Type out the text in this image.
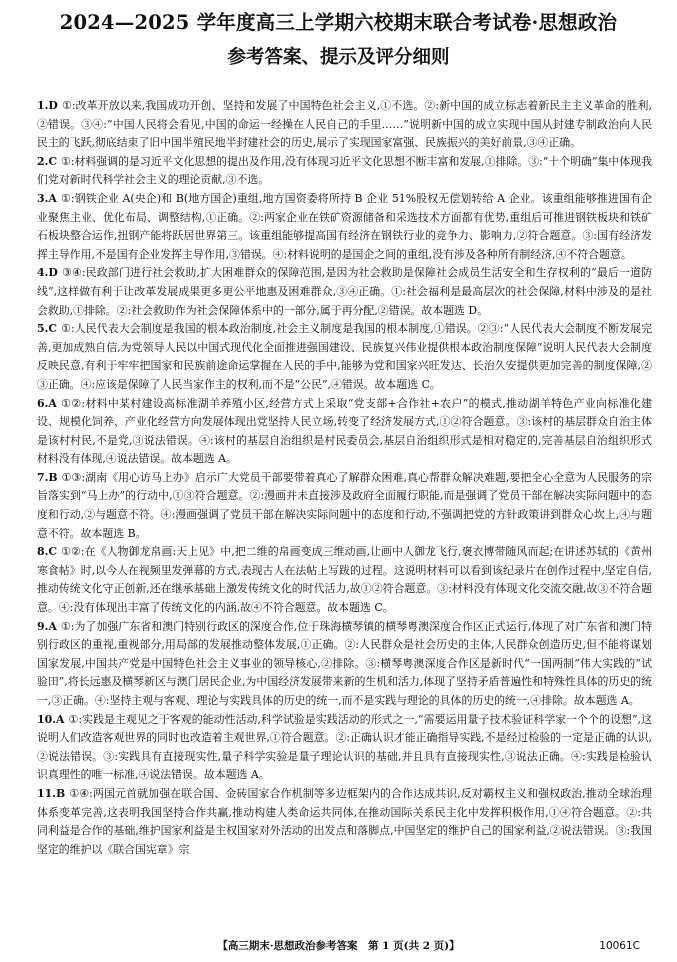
2024—2025 学年度高三上学期六校期末联合考试卷·思想政治
参考答案、提示及评分细则

1.D ①:改革开放以来,我国成功开创、坚持和发展了中国特色社会主义,①不选。②:新中国的成立标志着新民主主义革命的胜利,②错误。③④:“中国人民将会看见,中国的命运一经操在人民自己的手里……”说明新中国的成立实现中国从封建专制政治向人民民主的飞跃,彻底结束了旧中国半殖民地半封建社会的历史,展示了实现国家富强、民族振兴的美好前景,③④正确。

2.C ①:材料强调的是习近平文化思想的提出及作用,没有体现习近平文化思想不断丰富和发展,①排除。③:“十个明确”集中体现我们党对新时代科学社会主义的理论贡献,③不选。

3.A ①:钢铁企业 A(央企)和 B(地方国企)重组,地方国资委将所持 B 企业 51%股权无偿划转给 A 企业。该重组能够推进国有企业聚焦主业、优化布局、调整结构,①正确。②:两家企业在铁矿资源储备和采选技术方面都有优势,重组后可推进钢铁板块和铁矿石板块整合运作,扭钢产能将跃居世界第三。该重组能够提高国有经济在钢铁行业的竞争力、影响力,②符合题意。③:国有经济发挥主导作用,不是国有企业发挥主导作用,③错误。④:材料说明的是国企之间的重组,没有涉及各种所有制经济,④不符合题意。

4.D ③④:民政部门进行社会救助,扩大困难群众的保障范围,是因为社会救助是保障社会成员生活安全和生存权利的“最后一道防线”,这样做有利于让改革发展成果更多更公平地惠及困难群众,③④正确。①:社会福利是最高层次的社会保障,材料中涉及的是社会救助,①排除。②:社会救助作为社会保障体系中的一部分,属于再分配,②错误。故本题选 D。

5.C ①:人民代表大会制度是我国的根本政治制度,社会主义制度是我国的根本制度,①错误。②③:“人民代表大会制度不断发展完善,更加成熟自信,为党领导人民以中国式现代化全面推进强国建设、民族复兴伟业提供根本政治制度保障”说明人民代表大会制度反映民意,有利于牢牢把国家和民族前途命运掌握在人民的手中,能够为党和国家兴旺发达、长治久安提供更加完善的制度保障,②③正确。④:应该是保障了人民当家作主的权利,而不是“公民”,④错误。故本题选 C。

6.A ①②:材料中某村建设高标准湖羊养殖小区,经营方式上采取“党支部+合作社+农户”的模式,推动湖羊特色产业向标准化建设、规模化饲养、产业化经营方向发展体现出党坚持人民立场,转变了经济发展方式,①②符合题意。③:该村的基层群众自治主体是该村村民,不是党,③说法错误。④:该村的基层自治组织是村民委员会,基层自治组织形式是相对稳定的,完善基层自治组织形式材料没有体现,④说法错误。故本题选 A。

7.B ①③:湖南《用心访马上办》启示广大党员干部要带着真心了解群众困难,真心帮群众解决难题,要把全心全意为人民服务的宗旨落实到“马上办”的行动中,①③符合题意。②:漫画并未直接涉及政府全面履行职能,而是强调了党员干部在解决实际问题中的态度和行动,②与题意不符。④:漫画强调了党员干部在解决实际问题中的态度和行动,不强调把党的方针政策讲到群众心坎上,④与题意不符。故本题选 B。

8.C ①②:在《人物御龙帛画:天上见》中,把二维的帛画变成三维动画,让画中人御龙飞行,褒衣博带随风而起;在讲述苏轼的《黄州寒食帖》时,以今人在视频里发弹幕的方式,表现古人在法帖上写跋的过程。这说明材料可以看到该纪录片在创作过程中,坚定自信,推动传统文化守正创新,还在继承基础上激发传统文化的时代活力,故①②符合题意。③:材料没有体现文化交流交融,故③不符合题意。④:没有体现出丰富了传统文化的内涵,故④不符合题意。故本题选 C。

9.A ①:为了加强广东省和澳门特别行政区的深度合作,位于珠海横琴镇的横琴粤澳深度合作区正式运行,体现了对广东省和澳门特别行政区的重视,重视部分,用局部的发展推动整体发展,①正确。②:人民群众是社会历史的主体,人民群众创造历史,但不能将谋划国家发展,中国共产党是中国特色社会主义事业的领导核心,②排除。③:横琴粤澳深度合作区是新时代“一国两制”伟大实践的“试验田”,将长远惠及横琴新区与澳门居民企业,为中国经济发展带来新的生机和活力,体现了坚持矛盾普遍性和特殊性具体的历史的统一,③正确。④:坚持主观与客观、理论与实践具体的历史的统一,而不是实践与理论的具体的历史的统一,④排除。故本题选 A。

10.A ①:实践是主观见之于客观的能动性活动,科学试验是实践活动的形式之一,“需要运用量子技术验证科学家一个个的设想”,这说明人们改造客观世界的同时也改造着主观世界,①符合题意。②:正确认识才能正确指导实践,不是经过检验的一定是正确的认识,②说法错误。③:实践具有直接现实性,量子科学实验是量子理论认识的基础,并且具有直接现实性,③说法正确。④:实践是检验认识真理性的唯一标准,④说法错误。故本题选 A。

11.B ①④:两国元首就加强在联合国、金砖国家合作机制等多边框架内的合作达成共识,反对霸权主义和强权政治,推动全球治理体系变革完善,这表明我国坚持合作共赢,推动构建人类命运共同体,在推动国际关系民主化中发挥积极作用,①④符合题意。②:共同利益是合作的基础,维护国家利益是主权国家对外活动的出发点和落脚点,中国坚定的维护自己的国家利益,②说法错误。③:我国坚定的维护以《联合国宪章》宗

【高三期末·思想政治参考答案　第 1 页(共 2 页)】	10061C
